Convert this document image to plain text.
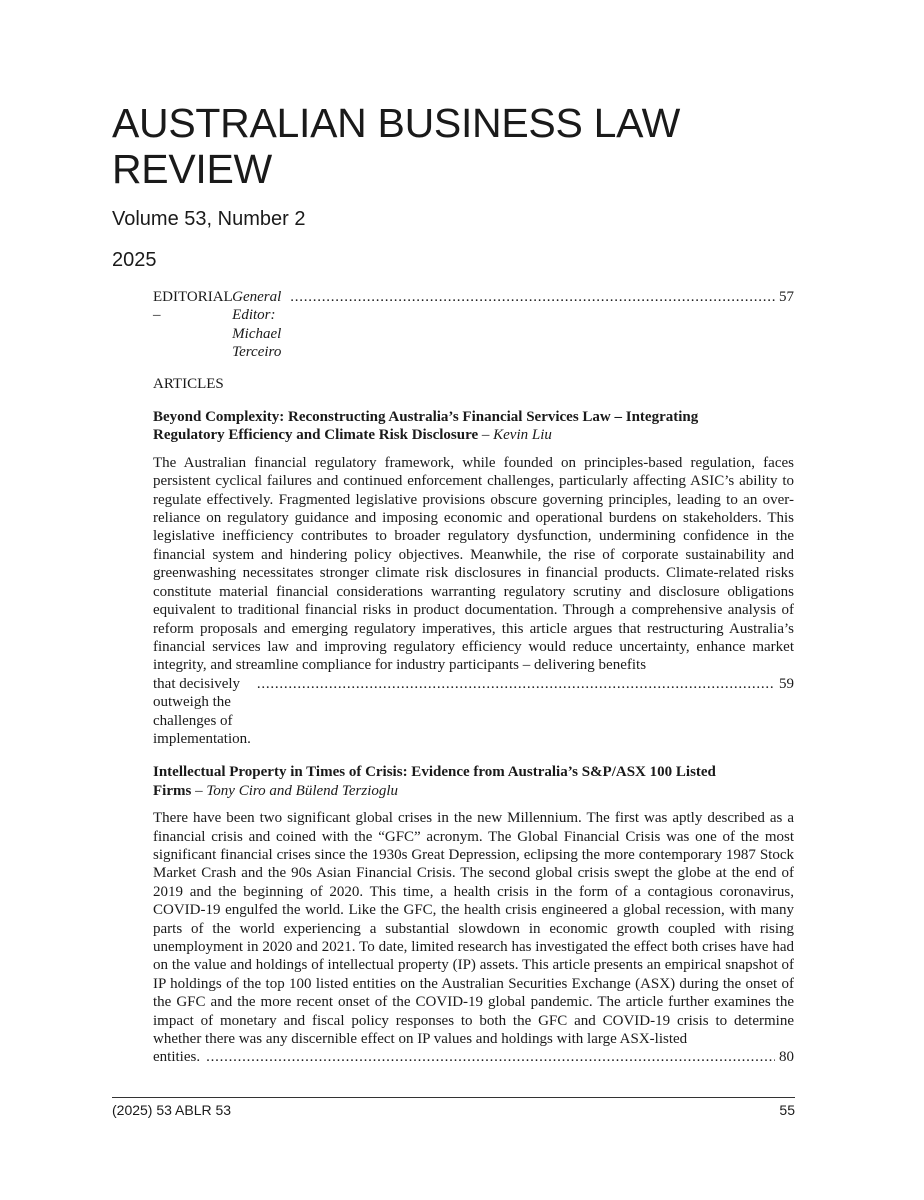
AUSTRALIAN BUSINESS LAW REVIEW
Volume 53, Number 2
2025
EDITORIAL –
General Editor: Michael Terceiro
. . .
57
ARTICLES
Beyond Complexity: Reconstructing Australia’s Financial Services Law – Integrating Regulatory Efficiency and Climate Risk Disclosure – Kevin Liu
The Australian financial regulatory framework, while founded on principles-based regulation, faces persistent cyclical failures and continued enforcement challenges, particularly affecting ASIC’s ability to regulate effectively. Fragmented legislative provisions obscure governing principles, leading to an over-reliance on regulatory guidance and imposing economic and operational burdens on stakeholders. This legislative inefficiency contributes to broader regulatory dysfunction, undermining confidence in the financial system and hindering policy objectives. Meanwhile, the rise of corporate sustainability and greenwashing necessitates stronger climate risk disclosures in financial products. Climate-related risks constitute material financial considerations warranting regulatory scrutiny and disclosure obligations equivalent to traditional financial risks in product documentation. Through a comprehensive analysis of reform proposals and emerging regulatory imperatives, this article argues that restructuring Australia’s financial services law and improving regulatory efficiency would reduce uncertainty, enhance market integrity, and streamline compliance for industry participants – delivering benefits
that decisively outweigh the challenges of implementation.
. . .
59
Intellectual Property in Times of Crisis: Evidence from Australia’s S&P/ASX 100 Listed Firms – Tony Ciro and Bülend Terzioglu
There have been two significant global crises in the new Millennium. The first was aptly described as a financial crisis and coined with the “GFC” acronym. The Global Financial Crisis was one of the most significant financial crises since the 1930s Great Depression, eclipsing the more contemporary 1987 Stock Market Crash and the 90s Asian Financial Crisis. The second global crisis swept the globe at the end of 2019 and the beginning of 2020. This time, a health crisis in the form of a contagious coronavirus, COVID-19 engulfed the world. Like the GFC, the health crisis engineered a global recession, with many parts of the world experiencing a substantial slowdown in economic growth coupled with rising unemployment in 2020 and 2021. To date, limited research has investigated the effect both crises have had on the value and holdings of intellectual property (IP) assets. This article presents an empirical snapshot of IP holdings of the top 100 listed entities on the Australian Securities Exchange (ASX) during the onset of the GFC and the more recent onset of the COVID-19 global pandemic. The article further examines the impact of monetary and fiscal policy responses to both the GFC and COVID-19 crisis to determine whether there was any discernible effect on IP values and holdings with large ASX-listed
entities.
. . .	80
(2025) 53 ABLR 53	55
